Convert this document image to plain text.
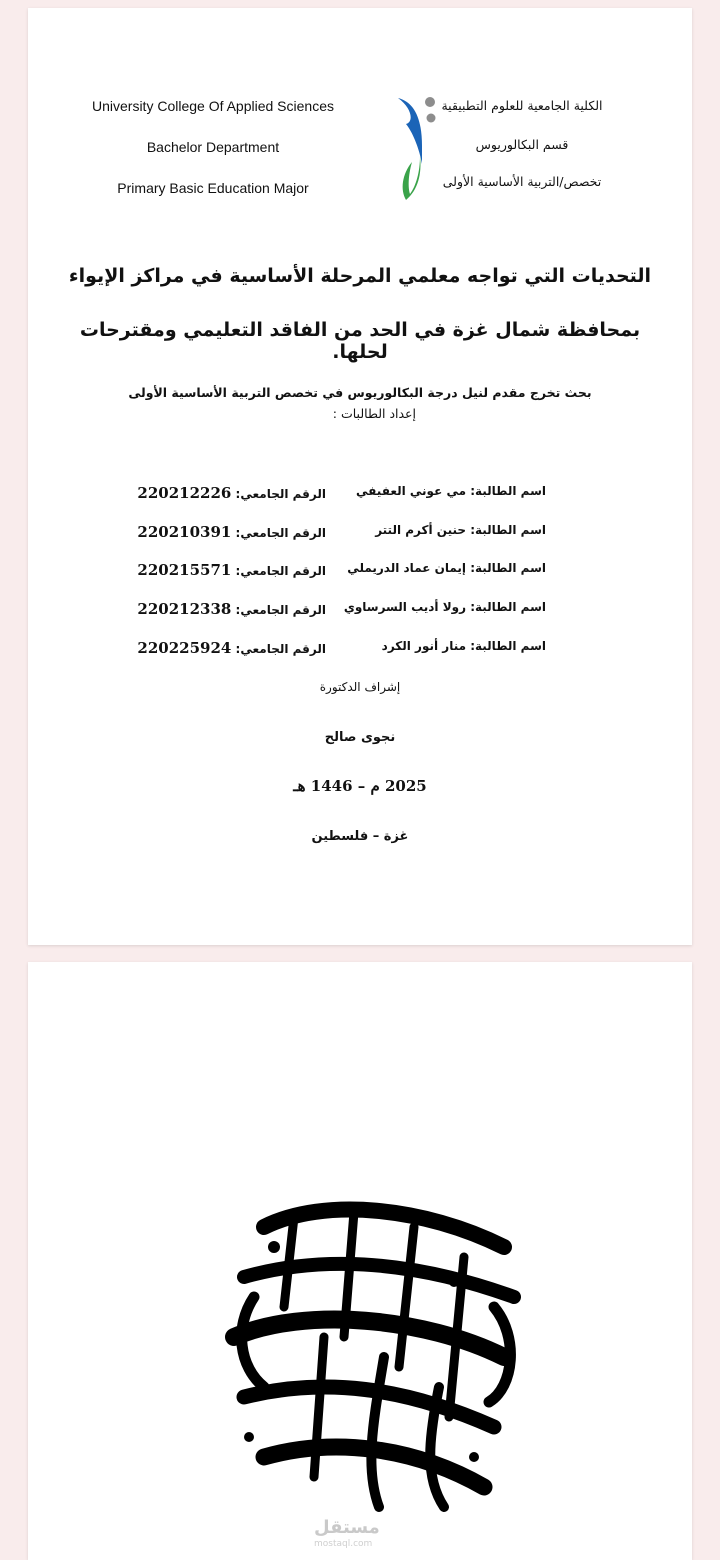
University College Of Applied Sciences
Bachelor Department
Primary Basic Education Major
الكلية الجامعية للعلوم التطبيقية
قسم البكالوريوس
تخصص/التربية الأساسية الأولى
التحديات التي تواجه معلمي المرحلة الأساسية في مراكز الإيواء
بمحافظة شمال غزة في الحد من الفاقد التعليمي ومقترحات لحلها.
بحث تخرج مقدم لنيل درجة البكالوريوس في تخصص التربية الأساسية الأولى
إعداد الطالبات :
اسم الطالبة: مي عوني العفيفي
الرقم الجامعي: 220212226
اسم الطالبة: حنين أكرم التتر
الرقم الجامعي: 220210391
اسم الطالبة: إيمان عماد الدريملي
الرقم الجامعي: 220215571
اسم الطالبة: رولا أديب السرساوي
الرقم الجامعي: 220212338
اسم الطالبة: منار أنور الكرد
الرقم الجامعي: 220225924
إشراف الدكتورة
نجوى صالح
2025 م – 1446 هـ
غزة – فلسطين
مستقل
mostaql.com
